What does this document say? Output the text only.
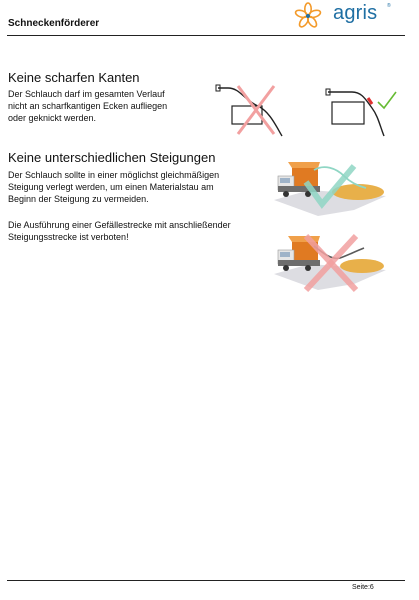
Schneckenförderer	agris ®
Keine scharfen Kanten
Der Schlauch darf im gesamten Verlauf
nicht an scharfkantigen Ecken aufliegen
oder geknickt werden.
Keine unterschiedlichen Steigungen
Der Schlauch sollte in einer möglichst gleichmäßigen
Steigung verlegt werden, um einen Materialstau am
Beginn der Steigung zu vermeiden.
Die Ausführung einer Gefällestrecke mit anschließender
Steigungsstrecke ist verboten!
Seite:6
